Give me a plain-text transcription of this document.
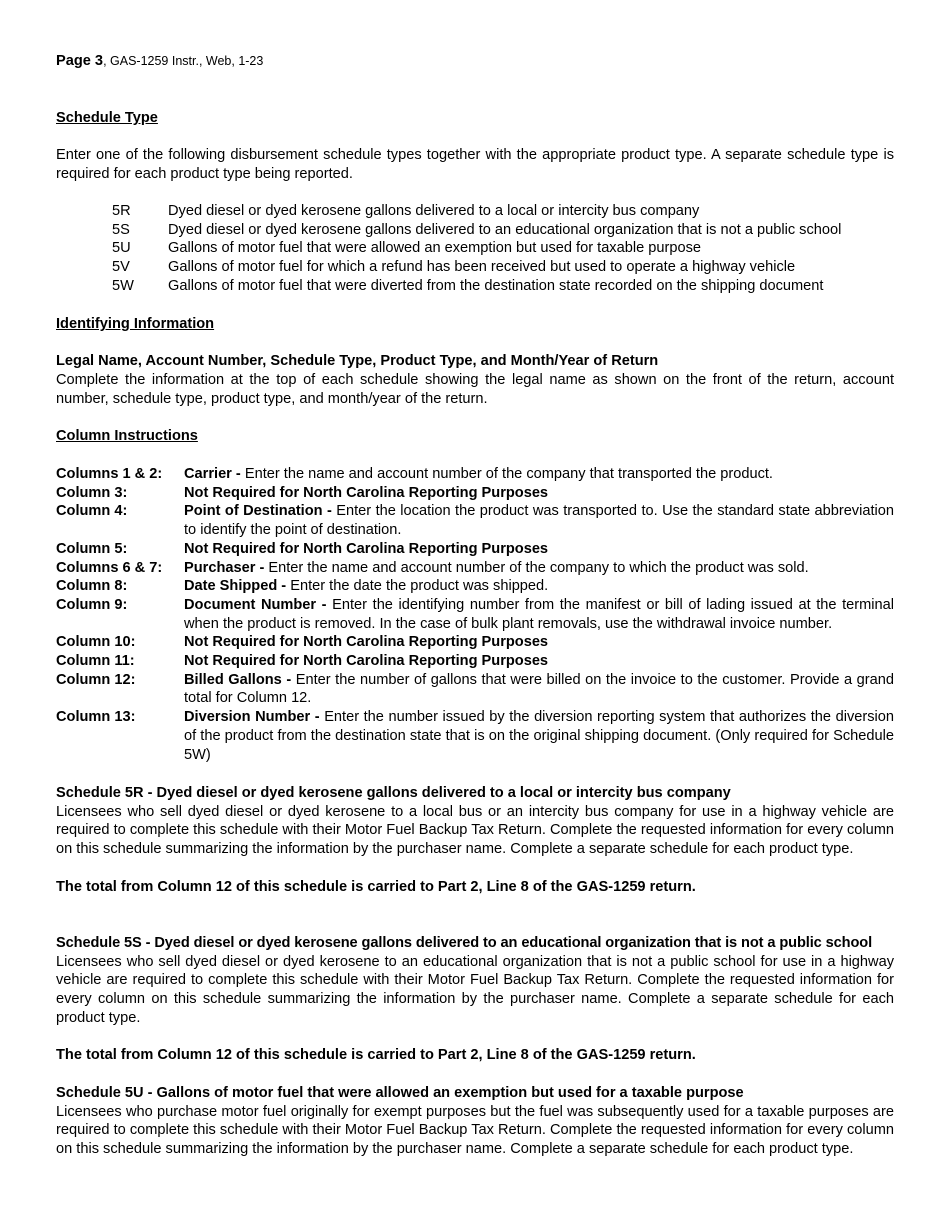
Page 3, GAS-1259 Instr., Web, 1-23
Schedule Type
Enter one of the following disbursement schedule types together with the appropriate product type. A separate schedule type is required for each product type being reported.
5R	Dyed diesel or dyed kerosene gallons delivered to a local or intercity bus company
5S	Dyed diesel or dyed kerosene gallons delivered to an educational organization that is not a public school
5U	Gallons of motor fuel that were allowed an exemption but used for taxable purpose
5V	Gallons of motor fuel for which a refund has been received but used to operate a highway vehicle
5W	Gallons of motor fuel that were diverted from the destination state recorded on the shipping document
Identifying Information
Legal Name, Account Number, Schedule Type, Product Type, and Month/Year of Return
Complete the information at the top of each schedule showing the legal name as shown on the front of the return, account number, schedule type, product type, and month/year of the return.
Column Instructions
Columns 1 & 2:	Carrier - Enter the name and account number of the company that transported the product.
Column 3:	Not Required for North Carolina Reporting Purposes
Column 4:	Point of Destination - Enter the location the product was transported to. Use the standard state abbreviation to identify the point of destination.
Column 5:	Not Required for North Carolina Reporting Purposes
Columns 6 & 7:	Purchaser - Enter the name and account number of the company to which the product was sold.
Column 8:	Date Shipped - Enter the date the product was shipped.
Column 9:	Document Number - Enter the identifying number from the manifest or bill of lading issued at the terminal when the product is removed. In the case of bulk plant removals, use the withdrawal invoice number.
Column 10:	Not Required for North Carolina Reporting Purposes
Column 11:	Not Required for North Carolina Reporting Purposes
Column 12:	Billed Gallons - Enter the number of gallons that were billed on the invoice to the customer. Provide a grand total for Column 12.
Column 13:	Diversion Number - Enter the number issued by the diversion reporting system that authorizes the diversion of the product from the destination state that is on the original shipping document. (Only required for Schedule 5W)
Schedule 5R - Dyed diesel or dyed kerosene gallons delivered to a local or intercity bus company
Licensees who sell dyed diesel or dyed kerosene to a local bus or an intercity bus company for use in a highway vehicle are required to complete this schedule with their Motor Fuel Backup Tax Return. Complete the requested information for every column on this schedule summarizing the information by the purchaser name. Complete a separate schedule for each product type.
The total from Column 12 of this schedule is carried to Part 2, Line 8 of the GAS-1259 return.
Schedule 5S - Dyed diesel or dyed kerosene gallons delivered to an educational organization that is not a public school
Licensees who sell dyed diesel or dyed kerosene to an educational organization that is not a public school for use in a highway vehicle are required to complete this schedule with their Motor Fuel Backup Tax Return. Complete the requested information for every column on this schedule summarizing the information by the purchaser name. Complete a separate schedule for each product type.
The total from Column 12 of this schedule is carried to Part 2, Line 8 of the GAS-1259 return.
Schedule 5U - Gallons of motor fuel that were allowed an exemption but used for a taxable purpose
Licensees who purchase motor fuel originally for exempt purposes but the fuel was subsequently used for a taxable purposes are required to complete this schedule with their Motor Fuel Backup Tax Return. Complete the requested information for every column on this schedule summarizing the information by the purchaser name. Complete a separate schedule for each product type.
